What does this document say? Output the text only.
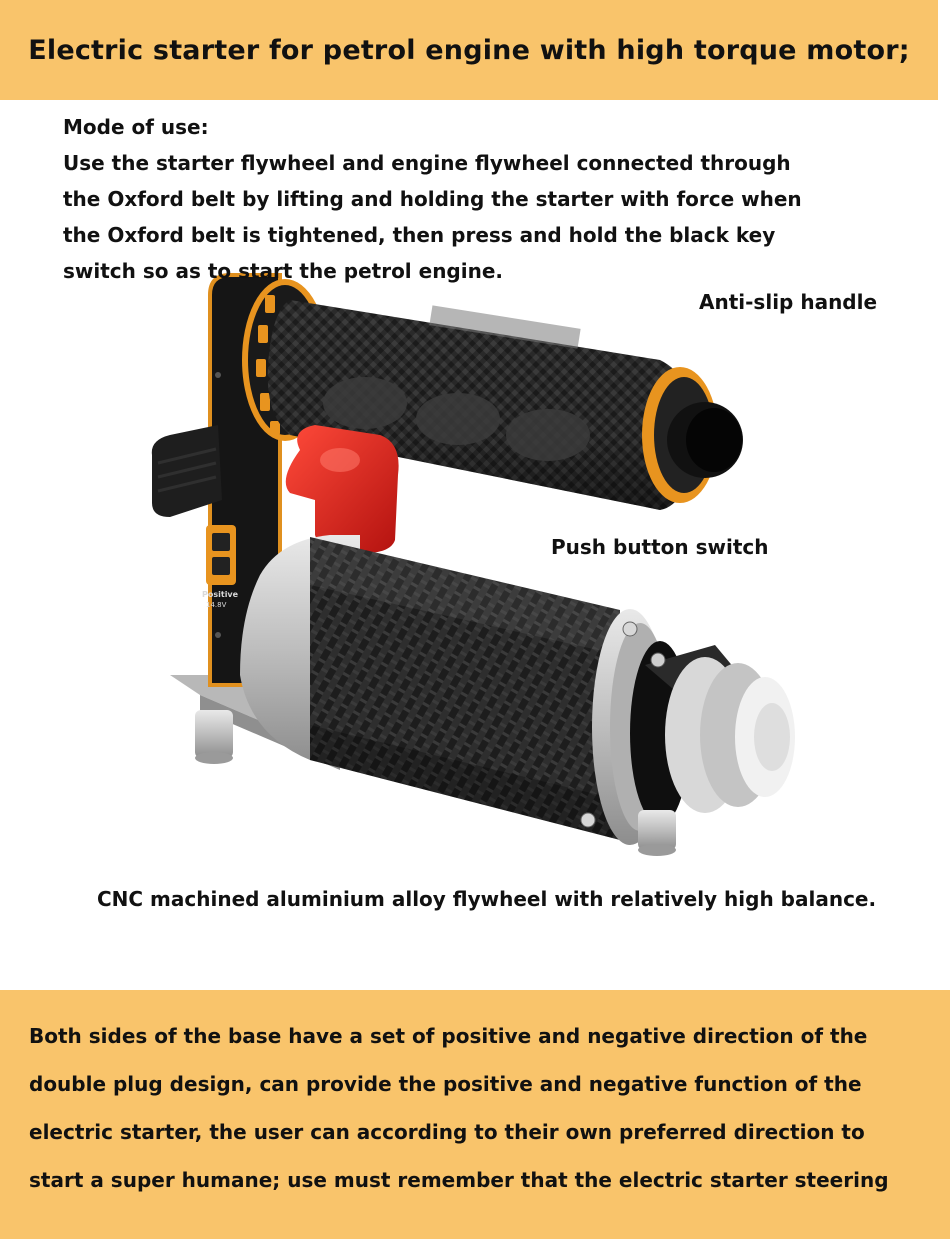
Electric starter for petrol engine with high torque motor;
Mode of use:
Use the starter flywheel and engine flywheel connected through
the Oxford belt by lifting and holding the starter with force when
the Oxford belt is tightened, then press and hold the black key
switch so as to start the petrol engine.
Anti-slip handle
Push button switch
CNC machined aluminium alloy flywheel with relatively high balance.
Positive
14.8V

Both sides of the base have a set of positive and negative direction of the

double plug design, can provide the positive and negative function of the

electric starter, the user can according to their own preferred direction to

start a super humane; use must remember that the electric starter steering
